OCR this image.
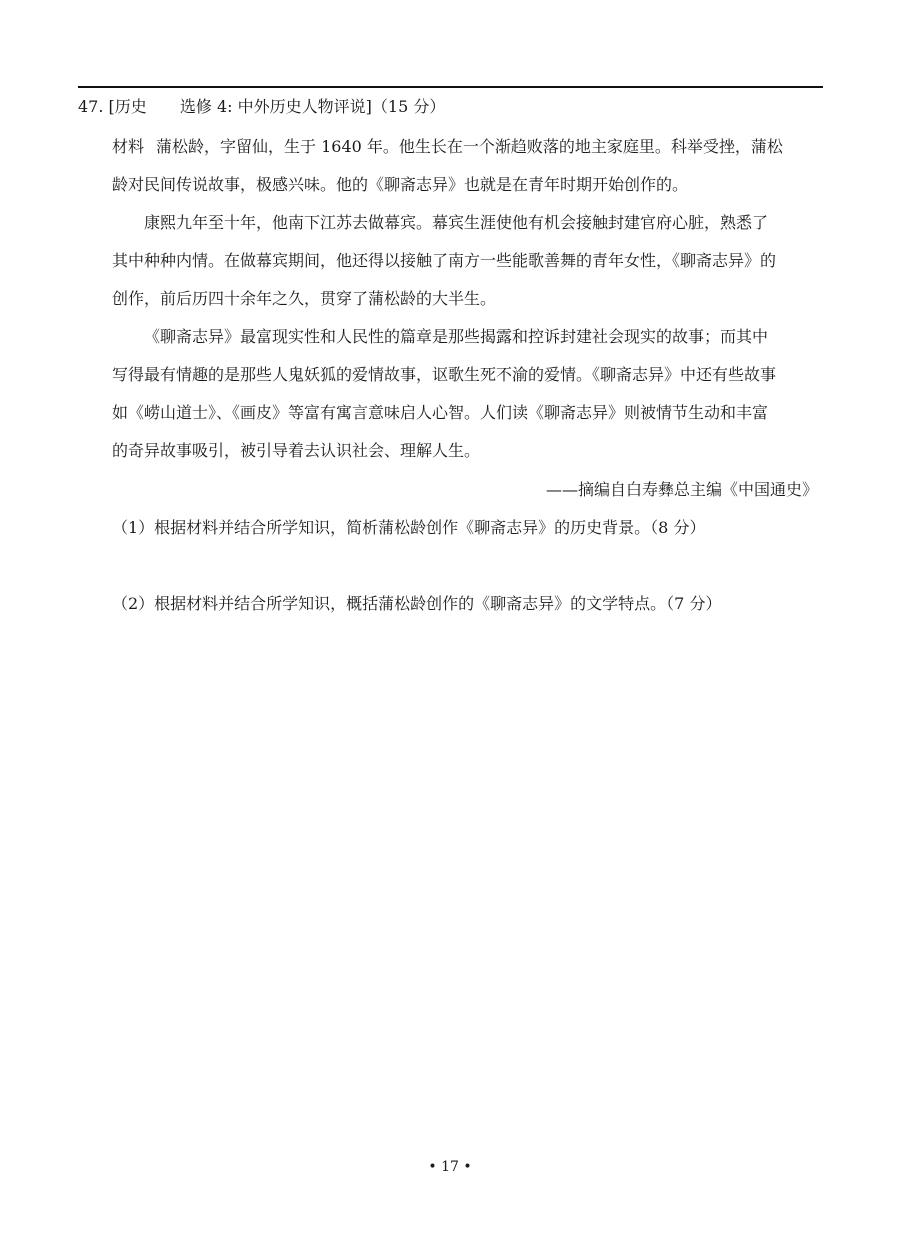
47. [历史 选修 4: 中外历史人物评说]（15 分）
材料 蒲松龄，字留仙，生于 1640 年。他生长在一个渐趋败落的地主家庭里。科举受挫，蒲松
龄对民间传说故事，极感兴味。他的《聊斋志异》也就是在青年时期开始创作的。
康熙九年至十年，他南下江苏去做幕宾。幕宾生涯使他有机会接触封建官府心脏，熟悉了
其中种种内情。在做幕宾期间，他还得以接触了南方一些能歌善舞的青年女性，《聊斋志异》的
创作，前后历四十余年之久，贯穿了蒲松龄的大半生。
《聊斋志异》最富现实性和人民性的篇章是那些揭露和控诉封建社会现实的故事；而其中
写得最有情趣的是那些人鬼妖狐的爱情故事，讴歌生死不渝的爱情。《聊斋志异》中还有些故事
如《崂山道士》、《画皮》等富有寓言意味启人心智。人们读《聊斋志异》则被情节生动和丰富
的奇异故事吸引，被引导着去认识社会、理解人生。
——摘编自白寿彝总主编《中国通史》
（1）根据材料并结合所学知识，简析蒲松龄创作《聊斋志异》的历史背景。（8 分）
（2）根据材料并结合所学知识，概括蒲松龄创作的《聊斋志异》的文学特点。（7 分）
• 17 •
